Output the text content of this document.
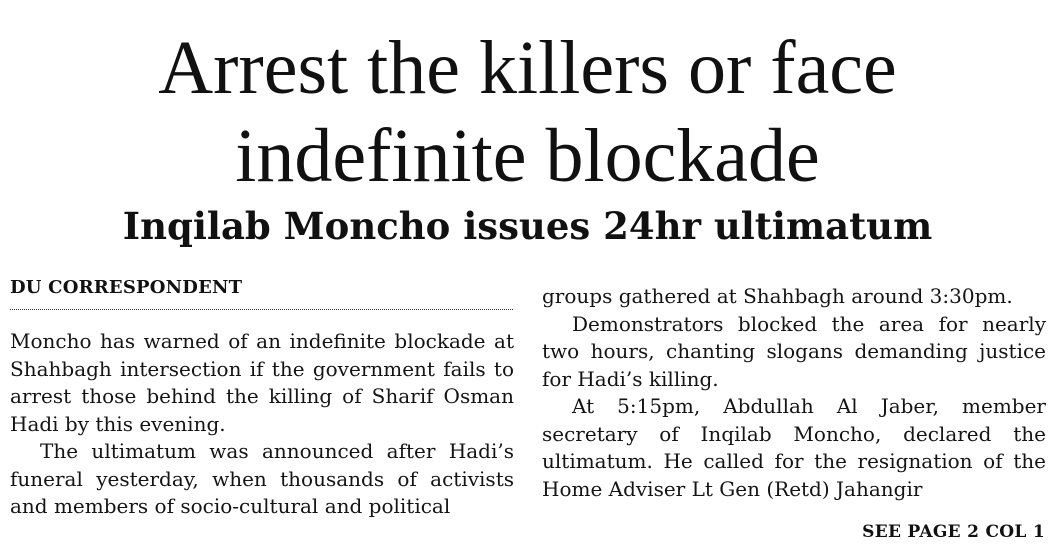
Arrest the killers or face
indefinite blockade
Inqilab Moncho issues 24hr ultimatum
DU CORRESPONDENT

Moncho has warned of an indefinite blockade at Shahbagh intersection if the government fails to arrest those behind the killing of Sharif Osman Hadi by this evening.

The ultimatum was announced after Hadi’s funeral yesterday, when thousands of activists and members of socio-cultural and political

groups gathered at Shahbagh around 3:30pm.

Demonstrators blocked the area for nearly two hours, chanting slogans demanding justice for Hadi’s killing.

At 5:15pm, Abdullah Al Jaber, member secretary of Inqilab Moncho, declared the ultimatum. He called for the resignation of the Home Adviser Lt Gen (Retd) Jahangir

SEE PAGE 2 COL 1
